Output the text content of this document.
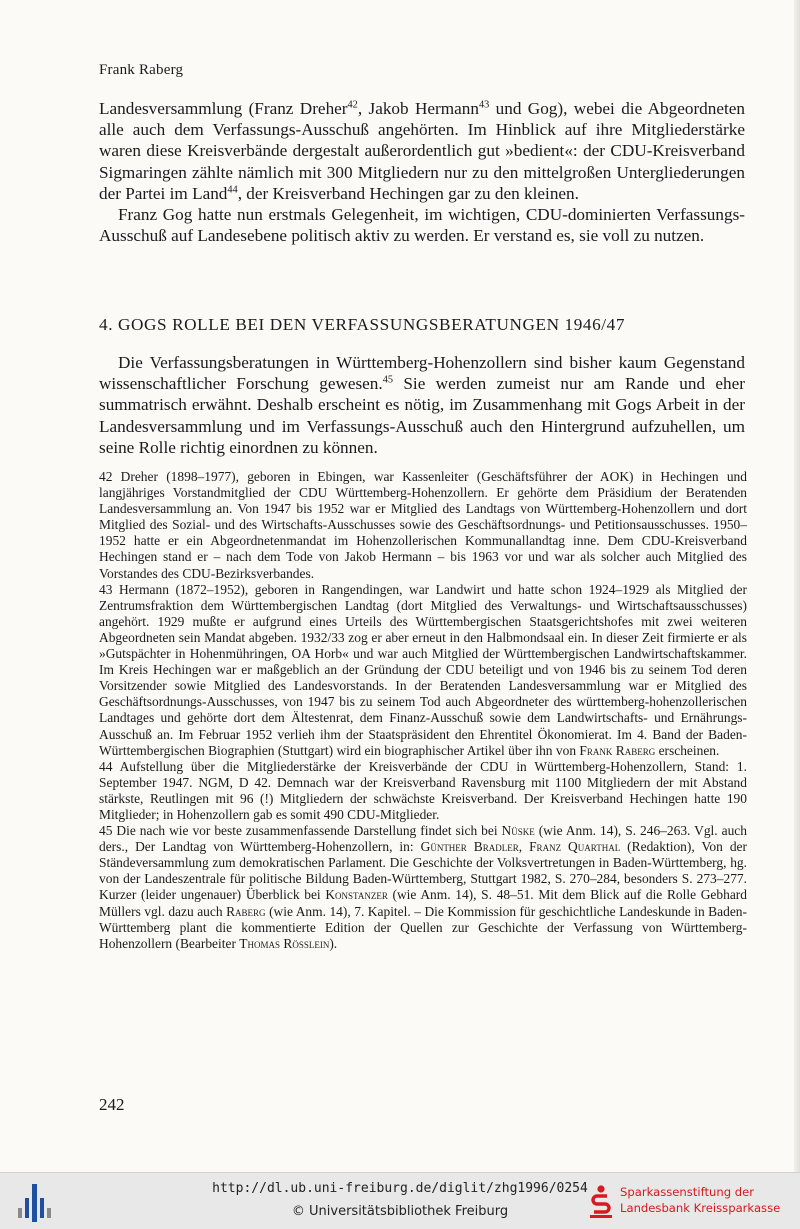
Frank Raberg

Landesversammlung (Franz Dreher$^{42}$, Jakob Hermann$^{43}$ und Gog), webei die Abgeordneten alle auch dem Verfassungs-Ausschuß angehörten. Im Hinblick auf ihre Mitgliederstärke waren diese Kreisverbände dergestalt außerordentlich gut »bedient«: der CDU-Kreisverband Sigmaringen zählte nämlich mit 300 Mitgliedern nur zu den mittelgroßen Untergliederungen der Partei im Land$^{44}$, der Kreisverband Hechingen gar zu den kleinen.

Franz Gog hatte nun erstmals Gelegenheit, im wichtigen, CDU-dominierten Verfassungs-Ausschuß auf Landesebene politisch aktiv zu werden. Er verstand es, sie voll zu nutzen.

4. GOGS ROLLE BEI DEN VERFASSUNGSBERATUNGEN 1946/47

Die Verfassungsberatungen in Württemberg-Hohenzollern sind bisher kaum Gegenstand wissenschaftlicher Forschung gewesen.$^{45}$ Sie werden zumeist nur am Rande und eher summatrisch erwähnt. Deshalb erscheint es nötig, im Zusammenhang mit Gogs Arbeit in der Landesversammlung und im Verfassungs-Ausschuß auch den Hintergrund aufzuhellen, um seine Rolle richtig einordnen zu können.

42 Dreher (1898–1977), geboren in Ebingen, war Kassenleiter (Geschäftsführer der AOK) in Hechingen und langjähriges Vorstandmitglied der CDU Württemberg-Hohenzollern. Er gehörte dem Präsidium der Beratenden Landesversammlung an. Von 1947 bis 1952 war er Mitglied des Landtags von Württemberg-Hohenzollern und dort Mitglied des Sozial- und des Wirtschafts-Ausschusses sowie des Geschäftsordnungs- und Petitionsausschusses. 1950–1952 hatte er ein Abgeordnetenmandat im Hohenzollerischen Kommunallandtag inne. Dem CDU-Kreisverband Hechingen stand er – nach dem Tode von Jakob Hermann – bis 1963 vor und war als solcher auch Mitglied des Vorstandes des CDU-Bezirksverbandes.

43 Hermann (1872–1952), geboren in Rangendingen, war Landwirt und hatte schon 1924–1929 als Mitglied der Zentrumsfraktion dem Württembergischen Landtag (dort Mitglied des Verwaltungs- und Wirtschaftsausschusses) angehört. 1929 mußte er aufgrund eines Urteils des Württembergischen Staatsgerichtshofes mit zwei weiteren Abgeordneten sein Mandat abgeben. 1932/33 zog er aber erneut in den Halbmondsaal ein. In dieser Zeit firmierte er als »Gutspächter in Hohenmühringen, OA Horb« und war auch Mitglied der Württembergischen Landwirtschaftskammer. Im Kreis Hechingen war er maßgeblich an der Gründung der CDU beteiligt und von 1946 bis zu seinem Tod deren Vorsitzender sowie Mitglied des Landesvorstands. In der Beratenden Landesversammlung war er Mitglied des Geschäftsordnungs-Ausschusses, von 1947 bis zu seinem Tod auch Abgeordneter des württemberg-hohenzollerischen Landtages und gehörte dort dem Ältestenrat, dem Finanz-Ausschuß sowie dem Landwirtschafts- und Ernährungs-Ausschuß an. Im Februar 1952 verlieh ihm der Staatspräsident den Ehrentitel Ökonomierat. Im 4. Band der Baden-Württembergischen Biographien (Stuttgart) wird ein biographischer Artikel über ihn von Frank Raberg erscheinen.

44 Aufstellung über die Mitgliederstärke der Kreisverbände der CDU in Württemberg-Hohenzollern, Stand: 1. September 1947. NGM, D 42. Demnach war der Kreisverband Ravensburg mit 1100 Mitgliedern der mit Abstand stärkste, Reutlingen mit 96 (!) Mitgliedern der schwächste Kreisverband. Der Kreisverband Hechingen hatte 190 Mitglieder; in Hohenzollern gab es somit 490 CDU-Mitglieder.

45 Die nach wie vor beste zusammenfassende Darstellung findet sich bei Nüske (wie Anm. 14), S. 246–263. Vgl. auch ders., Der Landtag von Württemberg-Hohenzollern, in: Günther Bradler, Franz Quarthal (Redaktion), Von der Ständeversammlung zum demokratischen Parlament. Die Geschichte der Volksvertretungen in Baden-Württemberg, hg. von der Landeszentrale für politische Bildung Baden-Württemberg, Stuttgart 1982, S. 270–284, besonders S. 273–277. Kurzer (leider ungenauer) Überblick bei Konstanzer (wie Anm. 14), S. 48–51. Mit dem Blick auf die Rolle Gebhard Müllers vgl. dazu auch Raberg (wie Anm. 14), 7. Kapitel. – Die Kommission für geschichtliche Landeskunde in Baden-Württemberg plant die kommentierte Edition der Quellen zur Geschichte der Verfassung von Württemberg-Hohenzollern (Bearbeiter Thomas Rösslein).

242
http://dl.ub.uni-freiburg.de/diglit/zhg1996/0254
© Universitätsbibliothek Freiburg
Sparkassenstiftung der
Landesbank Kreissparkasse
